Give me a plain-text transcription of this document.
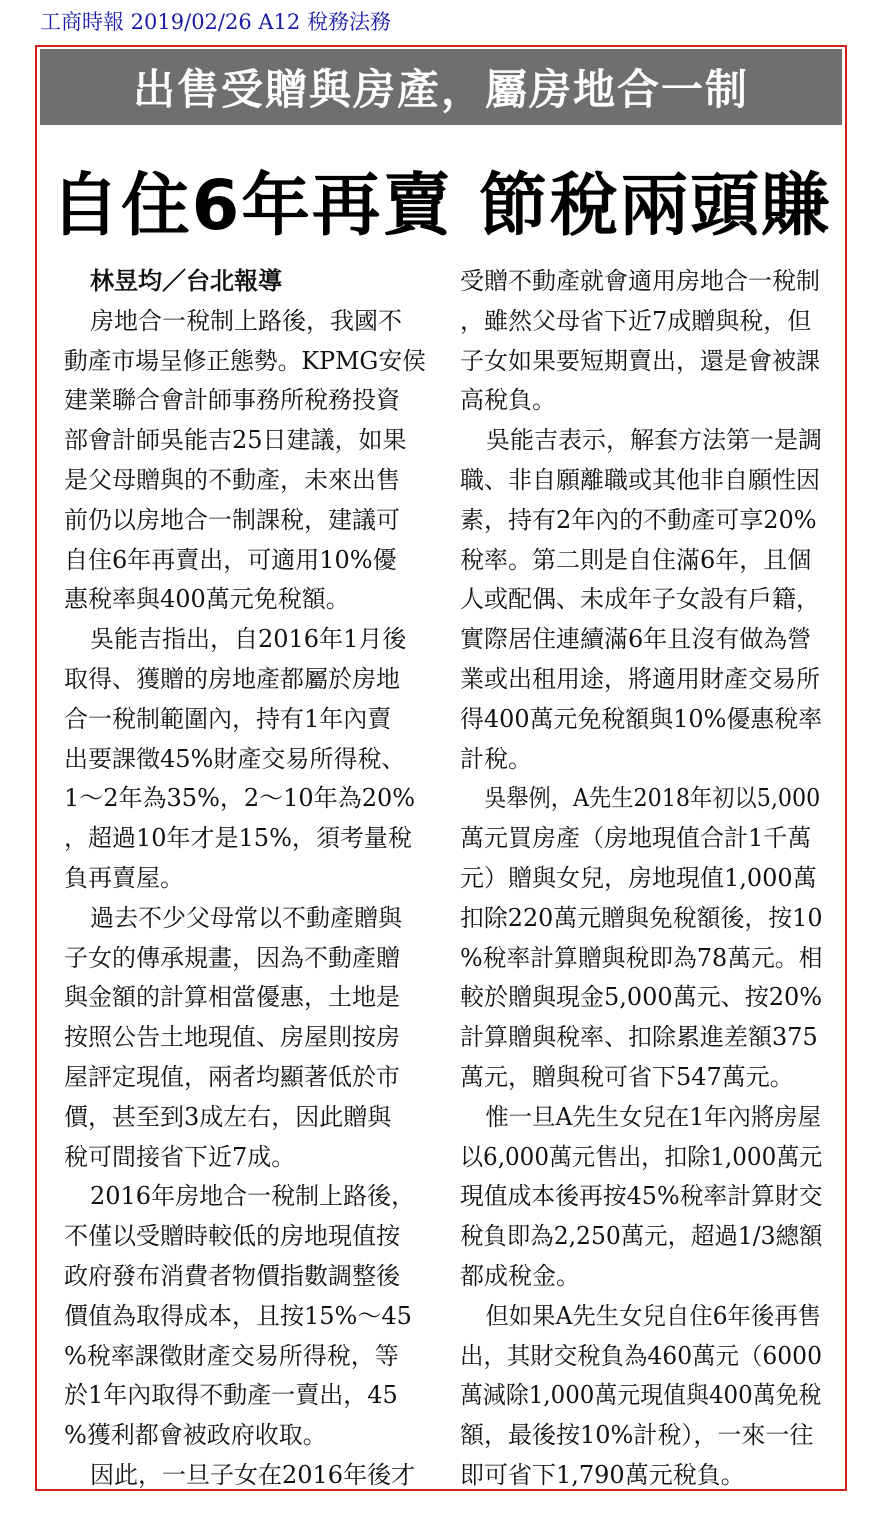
工商時報 2019/02/26 A12 稅務法務
出售受贈與房產，屬房地合一制
自住6年再賣 節稅兩頭賺
林昱均／台北報導
房地合一稅制上路後，我國不
動產市場呈修正態勢。KPMG安侯
建業聯合會計師事務所稅務投資
部會計師吳能吉25日建議，如果
是父母贈與的不動產，未來出售
前仍以房地合一制課稅，建議可
自住6年再賣出，可適用10%優
惠稅率與400萬元免稅額。
吳能吉指出，自2016年1月後
取得、獲贈的房地產都屬於房地
合一稅制範圍內，持有1年內賣
出要課徵45%財產交易所得稅、
1～2年為35%，2～10年為20%
，超過10年才是15%，須考量稅
負再賣屋。
過去不少父母常以不動產贈與
子女的傳承規畫，因為不動產贈
與金額的計算相當優惠，土地是
按照公告土地現值、房屋則按房
屋評定現值，兩者均顯著低於市
價，甚至到3成左右，因此贈與
稅可間接省下近7成。
2016年房地合一稅制上路後，
不僅以受贈時較低的房地現值按
政府發布消費者物價指數調整後
價值為取得成本，且按15%～45
%稅率課徵財產交易所得稅，等
於1年內取得不動產一賣出，45
%獲利都會被政府收取。
因此，一旦子女在2016年後才
受贈不動產就會適用房地合一稅制
，雖然父母省下近7成贈與稅，但
子女如果要短期賣出，還是會被課
高稅負。
吳能吉表示，解套方法第一是調
職、非自願離職或其他非自願性因
素，持有2年內的不動產可享20%
稅率。第二則是自住滿6年，且個
人或配偶、未成年子女設有戶籍，
實際居住連續滿6年且沒有做為營
業或出租用途，將適用財產交易所
得400萬元免稅額與10%優惠稅率
計稅。
吳舉例，A先生2018年初以5,000
萬元買房產（房地現值合計1千萬
元）贈與女兒，房地現值1,000萬
扣除220萬元贈與免稅額後，按10
%稅率計算贈與稅即為78萬元。相
較於贈與現金5,000萬元、按20%
計算贈與稅率、扣除累進差額375
萬元，贈與稅可省下547萬元。
惟一旦A先生女兒在1年內將房屋
以6,000萬元售出，扣除1,000萬元
現值成本後再按45%稅率計算財交
稅負即為2,250萬元，超過1/3總額
都成稅金。
但如果A先生女兒自住6年後再售
出，其財交稅負為460萬元（6000
萬減除1,000萬元現值與400萬免稅
額，最後按10%計稅），一來一往
即可省下1,790萬元稅負。
